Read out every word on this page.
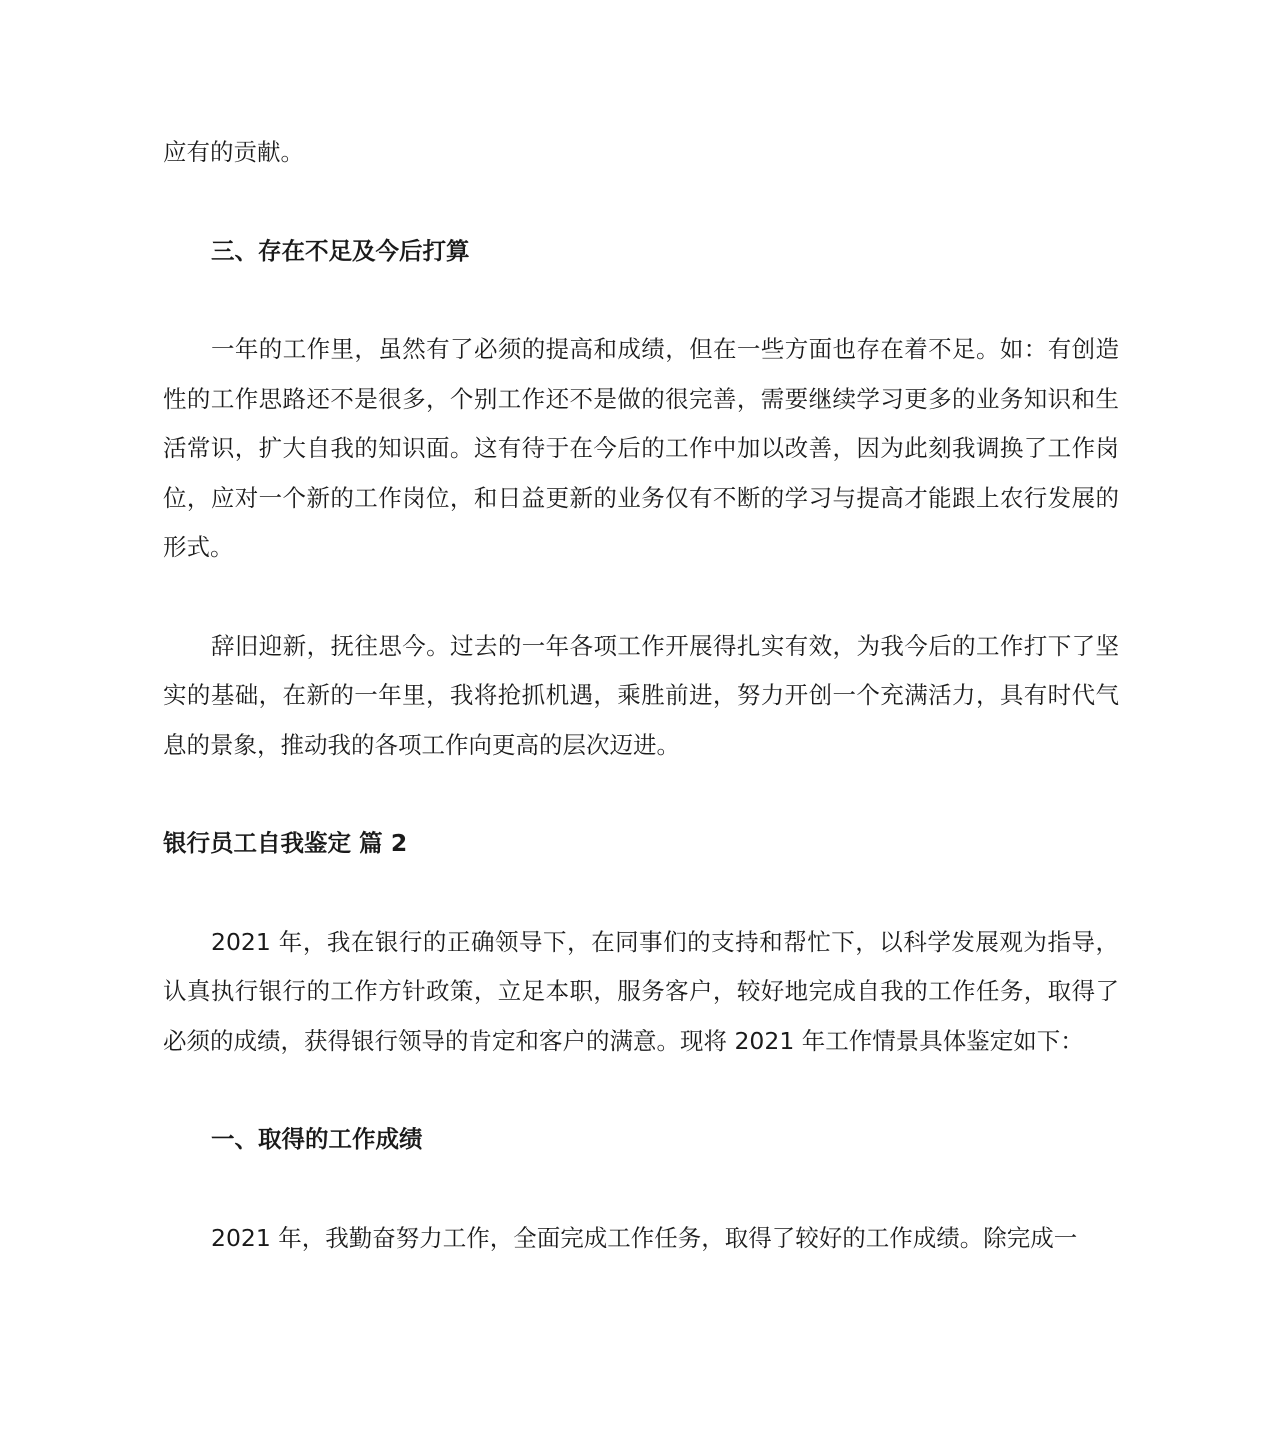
应有的贡献。

三、存在不足及今后打算

一年的工作里，虽然有了必须的提高和成绩，但在一些方面也存在着不足。如：有创造性的工作思路还不是很多，个别工作还不是做的很完善，需要继续学习更多的业务知识和生活常识，扩大自我的知识面。这有待于在今后的工作中加以改善，因为此刻我调换了工作岗位，应对一个新的工作岗位，和日益更新的业务仅有不断的学习与提高才能跟上农行发展的形式。

辞旧迎新，抚往思今。过去的一年各项工作开展得扎实有效，为我今后的工作打下了坚实的基础，在新的一年里，我将抢抓机遇，乘胜前进，努力开创一个充满活力，具有时代气息的景象，推动我的各项工作向更高的层次迈进。

银行员工自我鉴定 篇 2

2021 年，我在银行的正确领导下，在同事们的支持和帮忙下，以科学发展观为指导，认真执行银行的工作方针政策，立足本职，服务客户，较好地完成自我的工作任务，取得了必须的成绩，获得银行领导的肯定和客户的满意。现将 2021 年工作情景具体鉴定如下：

一、取得的工作成绩

2021 年，我勤奋努力工作，全面完成工作任务，取得了较好的工作成绩。除完成一
